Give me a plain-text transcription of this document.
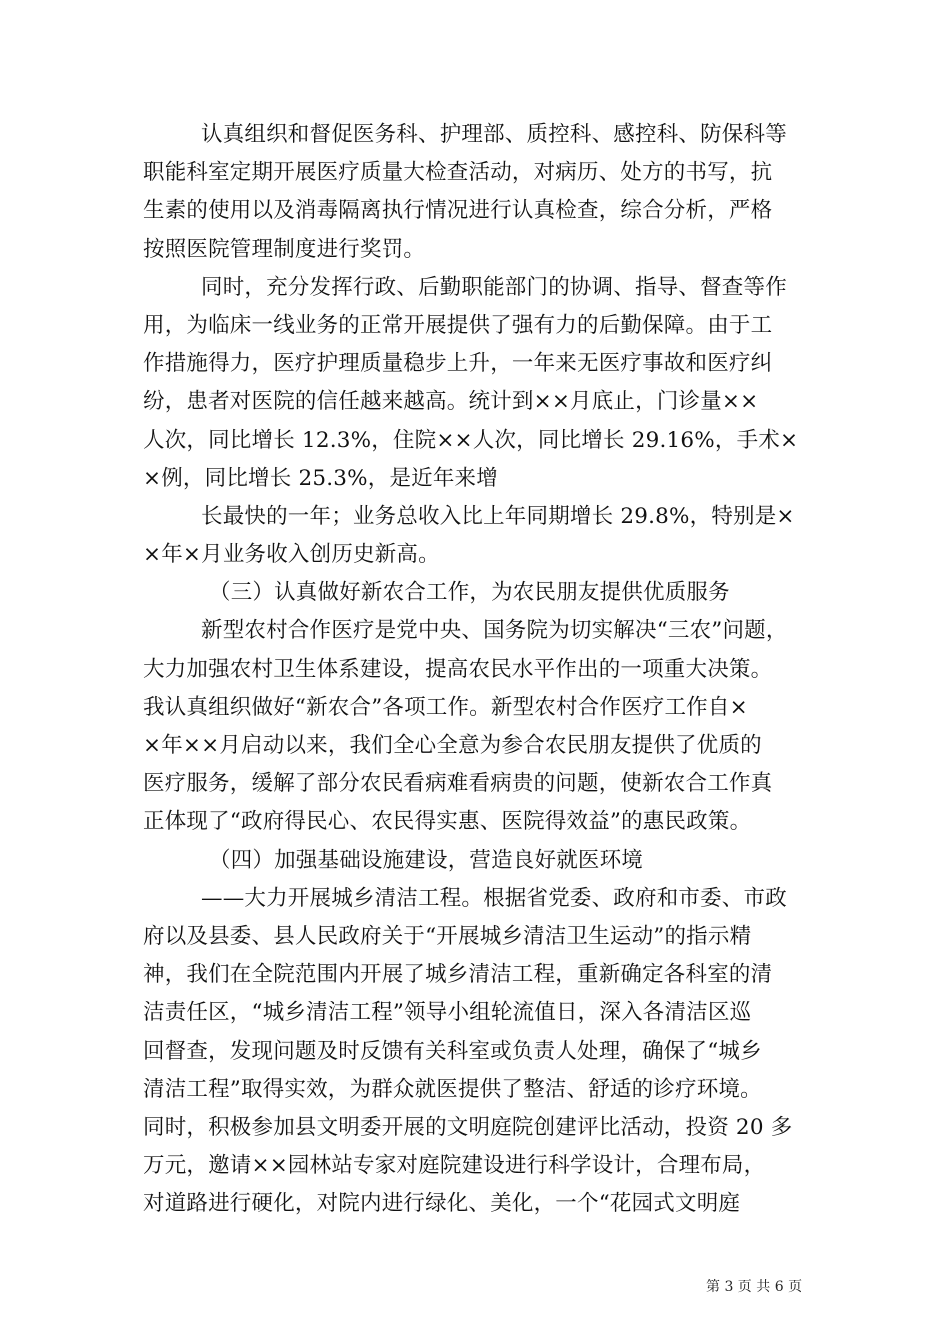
认真组织和督促医务科、护理部、质控科、感控科、防保科等
职能科室定期开展医疗质量大检查活动，对病历、处方的书写，抗
生素的使用以及消毒隔离执行情况进行认真检查，综合分析，严格
按照医院管理制度进行奖罚。
同时，充分发挥行政、后勤职能部门的协调、指导、督查等作
用，为临床一线业务的正常开展提供了强有力的后勤保障。由于工
作措施得力，医疗护理质量稳步上升，一年来无医疗事故和医疗纠
纷，患者对医院的信任越来越高。统计到××月底止，门诊量××
人次，同比增长 12.3%，住院××人次，同比增长 29.16%，手术×
×例，同比增长 25.3%，是近年来增
长最快的一年；业务总收入比上年同期增长 29.8%，特别是×
×年×月业务收入创历史新高。
（三）认真做好新农合工作，为农民朋友提供优质服务
新型农村合作医疗是党中央、国务院为切实解决“三农”问题，
大力加强农村卫生体系建设，提高农民水平作出的一项重大决策。
我认真组织做好“新农合”各项工作。新型农村合作医疗工作自×
×年××月启动以来，我们全心全意为参合农民朋友提供了优质的
医疗服务，缓解了部分农民看病难看病贵的问题，使新农合工作真
正体现了“政府得民心、农民得实惠、医院得效益”的惠民政策。
（四）加强基础设施建设，营造良好就医环境
——大力开展城乡清洁工程。根据省党委、政府和市委、市政
府以及县委、县人民政府关于“开展城乡清洁卫生运动”的指示精
神，我们在全院范围内开展了城乡清洁工程，重新确定各科室的清
洁责任区，“城乡清洁工程”领导小组轮流值日，深入各清洁区巡
回督查，发现问题及时反馈有关科室或负责人处理，确保了“城乡
清洁工程”取得实效，为群众就医提供了整洁、舒适的诊疗环境。
同时，积极参加县文明委开展的文明庭院创建评比活动，投资 20 多
万元，邀请××园林站专家对庭院建设进行科学设计，合理布局，
对道路进行硬化，对院内进行绿化、美化，一个“花园式文明庭
第 3 页 共 6 页
